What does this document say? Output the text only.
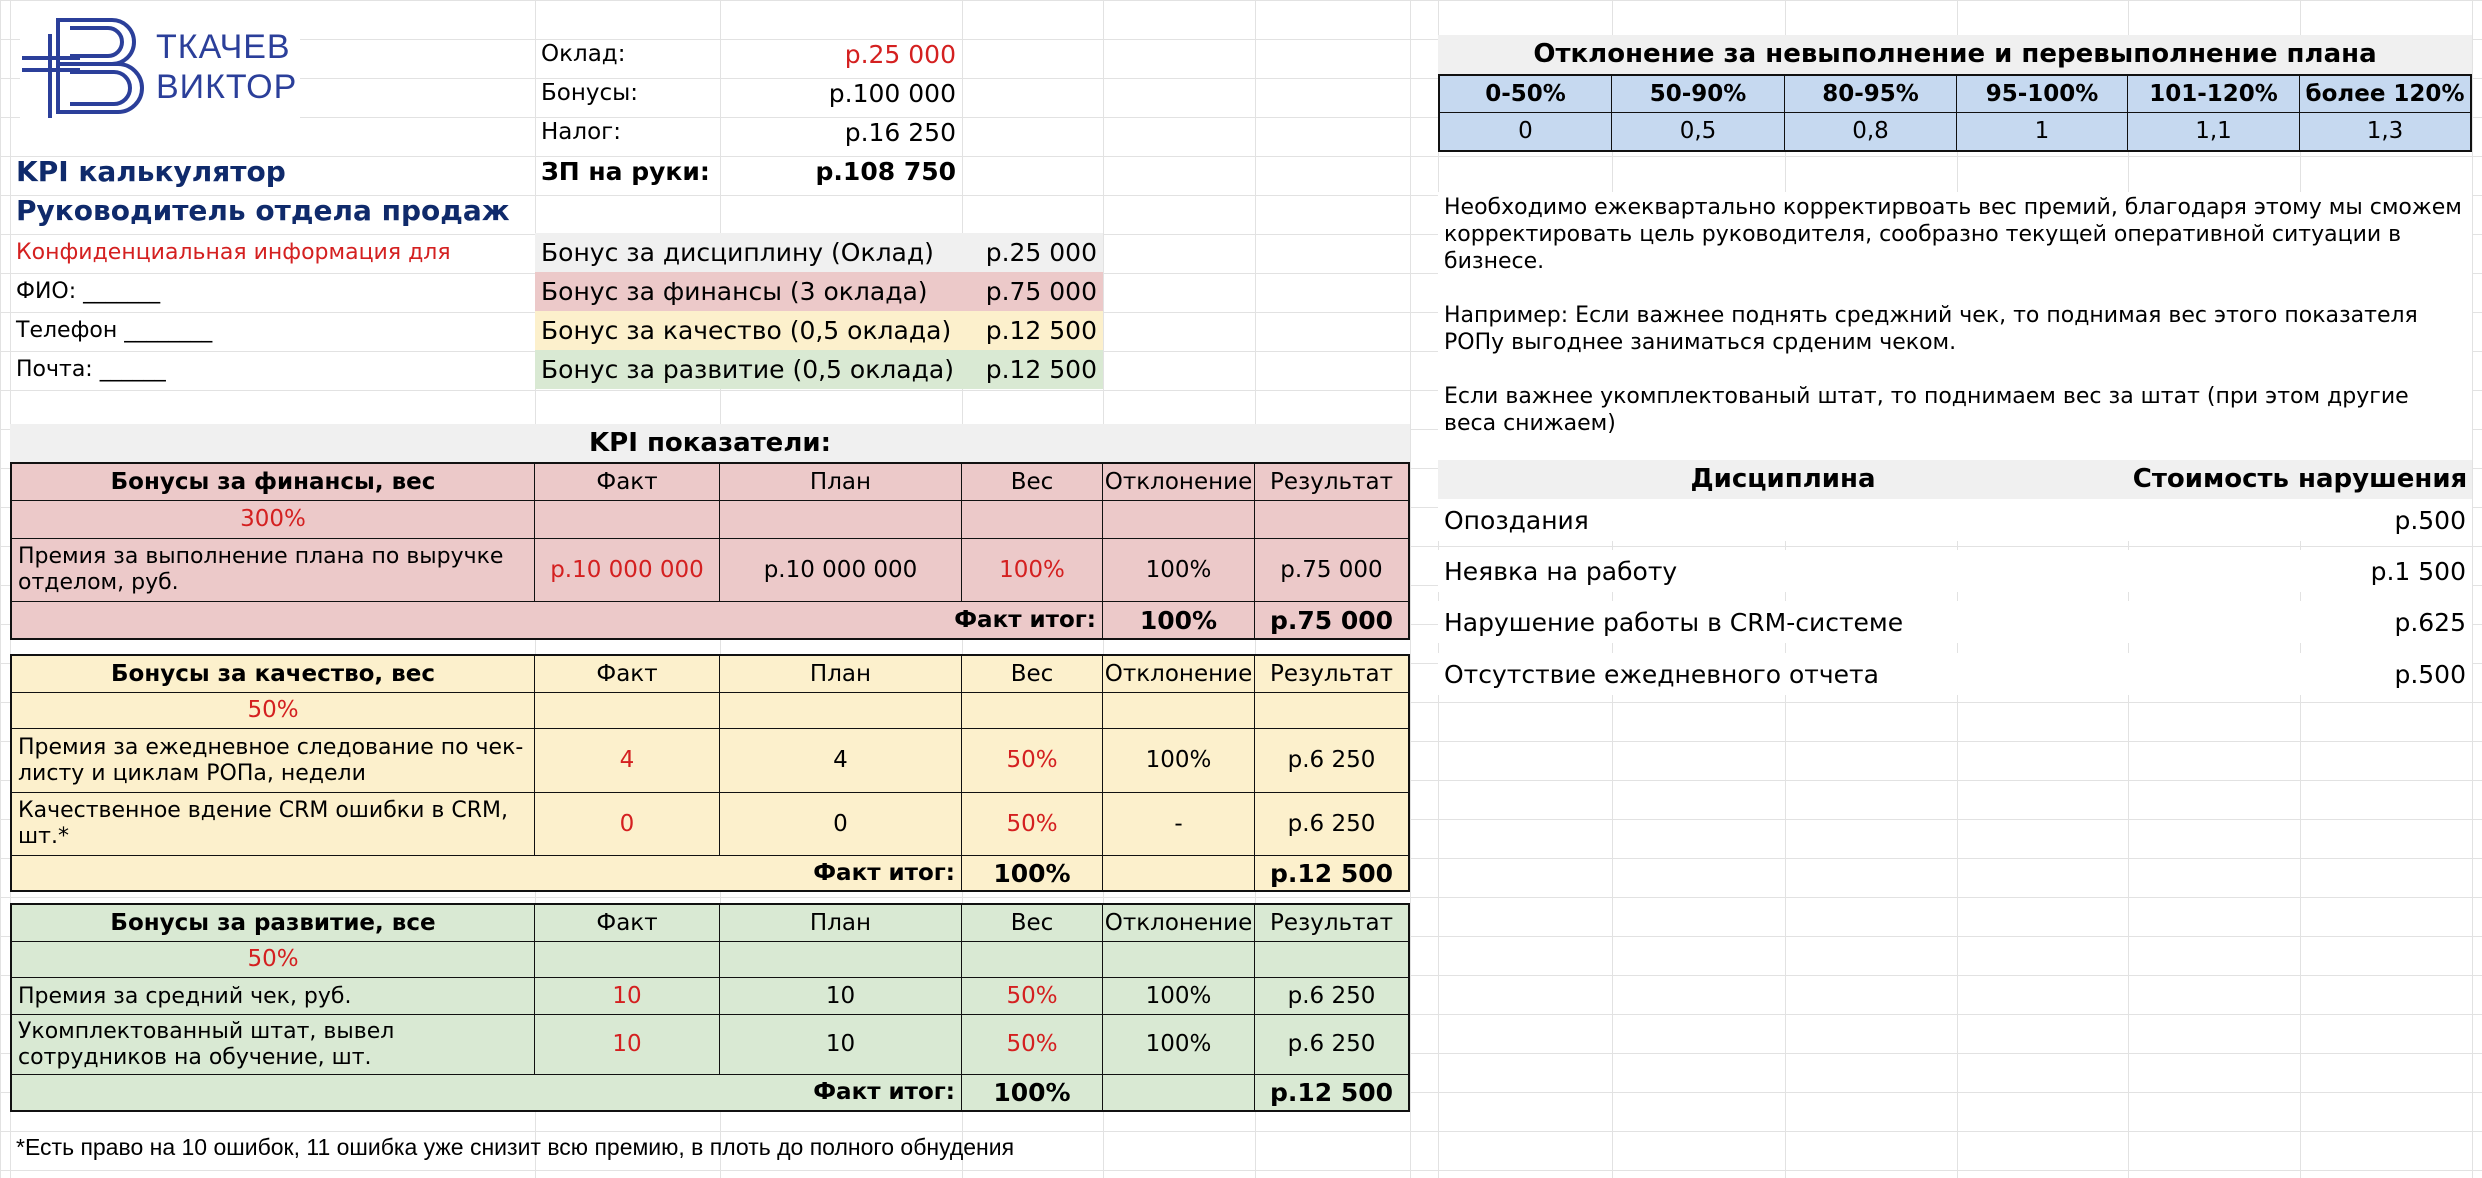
ТКАЧЕВ
ВИКТОР
Оклад:	р.25 000
Бонусы:	р.100 000
Налог:	р.16 250
ЗП на руки:	р.108 750
KPI калькулятор
Руководитель отдела продаж
Конфиденциальная информация для
ФИО: _______
Телефон ________
Почта: ______
Бонус за дисциплину (Оклад)	р.25 000
Бонус за финансы (3 оклада)	р.75 000
Бонус за качество (0,5 оклада)	р.12 500
Бонус за развитие (0,5 оклада)	р.12 500
KPI показатели:
Бонусы за финансы, вес	Факт	План	Вес	Отклонение Результат
300%
Премия за выполнение плана по выручке отделом, руб.	р.10 000 000	р.10 000 000	100%	100%	р.75 000
Факт итог:	100%	р.75 000
Бонусы за качество, вес	Факт	План	Вес	Отклонение Результат
50%
Премия за ежедневное следование по чек-листу и циклам РОПа, недели	4	4	50%	100%	р.6 250
Качественное вдение CRM ошибки в CRM, шт.*	0	0	50%	-	р.6 250
Факт итог:	100%	р.12 500
Бонусы за развитие, все	Факт	План	Вес	Отклонение Результат
50%
Премия за средний чек, руб.	10	10	50%	100%	р.6 250
Укомплектованный штат, вывел сотрудников на обучение, шт.	10	10	50%	100%	р.6 250
Факт итог:	100%	р.12 500
*Есть право на 10 ошибок, 11 ошибка уже снизит всю премию, в плоть до полного обнудения
Отклонение за невыполнение и перевыполнение плана
0-50%	50-90%	80-95%	95-100%	101-120%	более 120%
0	0,5	0,8	1	1,1	1,3
Необходимо ежеквартально корректирвоать вес премий, благодаря этому мы сможем корректировать цель руководителя, сообразно текущей оперативной ситуации в бизнесе.
Например: Если важнее поднять среджний чек, то поднимая вес этого показателя РОПу выгоднее заниматься срденим чеком.
Если важнее укомплектованый штат, то поднимаем вес за штат (при этом другие веса снижаем)
Дисциплина	Стоимость нарушения
Опоздания	р.500
Неявка на работу	р.1 500
Нарушение работы в CRM-системе	р.625
Отсутствие ежедневного отчета	р.500
